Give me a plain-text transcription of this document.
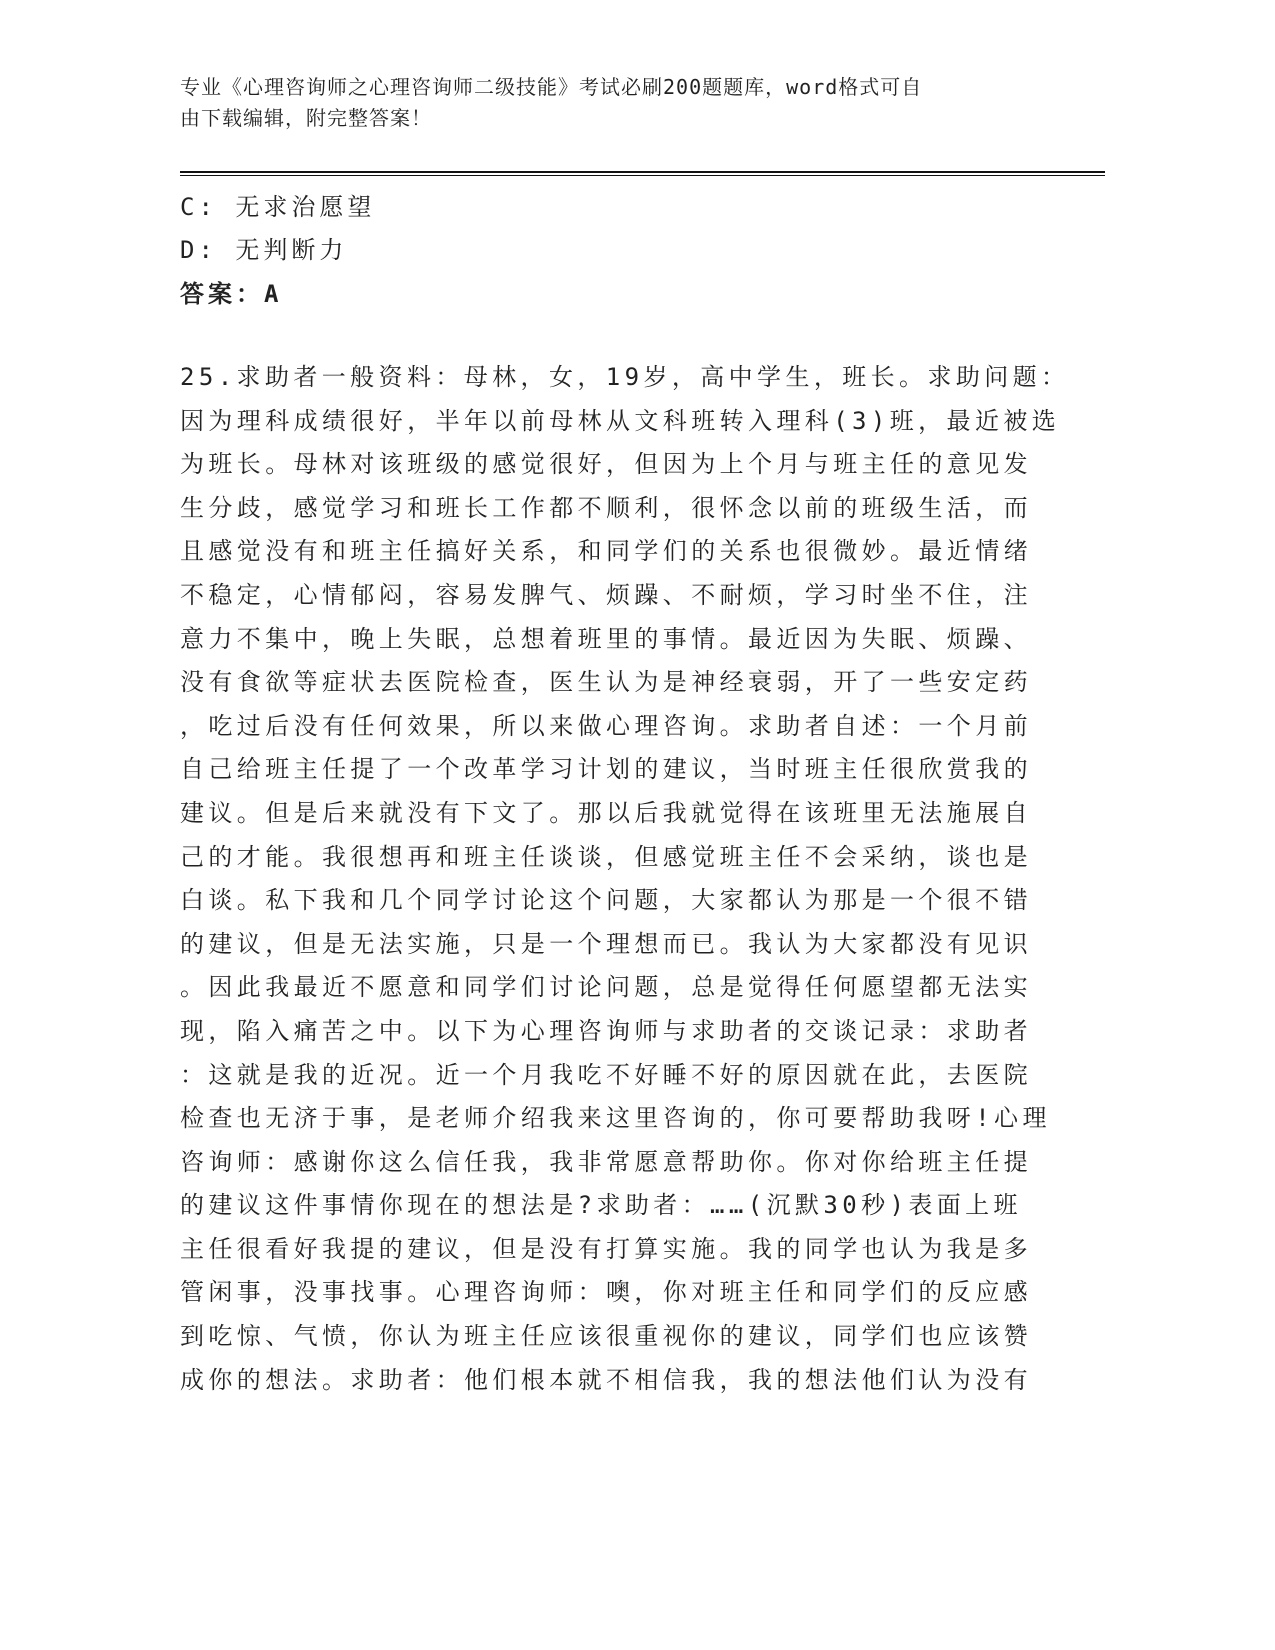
专业《心理咨询师之心理咨询师二级技能》考试必刷200题题库，word格式可自
由下载编辑，附完整答案！
C: 无求治愿望
D: 无判断力
答案：A
25.求助者一般资料：母林，女，19岁，高中学生，班长。求助问题：
因为理科成绩很好，半年以前母林从文科班转入理科(3)班，最近被选
为班长。母林对该班级的感觉很好，但因为上个月与班主任的意见发
生分歧，感觉学习和班长工作都不顺利，很怀念以前的班级生活，而
且感觉没有和班主任搞好关系，和同学们的关系也很微妙。最近情绪
不稳定，心情郁闷，容易发脾气、烦躁、不耐烦，学习时坐不住，注
意力不集中，晚上失眠，总想着班里的事情。最近因为失眠、烦躁、
没有食欲等症状去医院检查，医生认为是神经衰弱，开了一些安定药
，吃过后没有任何效果，所以来做心理咨询。求助者自述：一个月前
自己给班主任提了一个改革学习计划的建议，当时班主任很欣赏我的
建议。但是后来就没有下文了。那以后我就觉得在该班里无法施展自
己的才能。我很想再和班主任谈谈，但感觉班主任不会采纳，谈也是
白谈。私下我和几个同学讨论这个问题，大家都认为那是一个很不错
的建议，但是无法实施，只是一个理想而已。我认为大家都没有见识
。因此我最近不愿意和同学们讨论问题，总是觉得任何愿望都无法实
现，陷入痛苦之中。以下为心理咨询师与求助者的交谈记录：求助者
：这就是我的近况。近一个月我吃不好睡不好的原因就在此，去医院
检查也无济于事，是老师介绍我来这里咨询的，你可要帮助我呀!心理
咨询师：感谢你这么信任我，我非常愿意帮助你。你对你给班主任提
的建议这件事情你现在的想法是?求助者：……(沉默30秒)表面上班
主任很看好我提的建议，但是没有打算实施。我的同学也认为我是多
管闲事，没事找事。心理咨询师：噢，你对班主任和同学们的反应感
到吃惊、气愤，你认为班主任应该很重视你的建议，同学们也应该赞
成你的想法。求助者：他们根本就不相信我，我的想法他们认为没有
